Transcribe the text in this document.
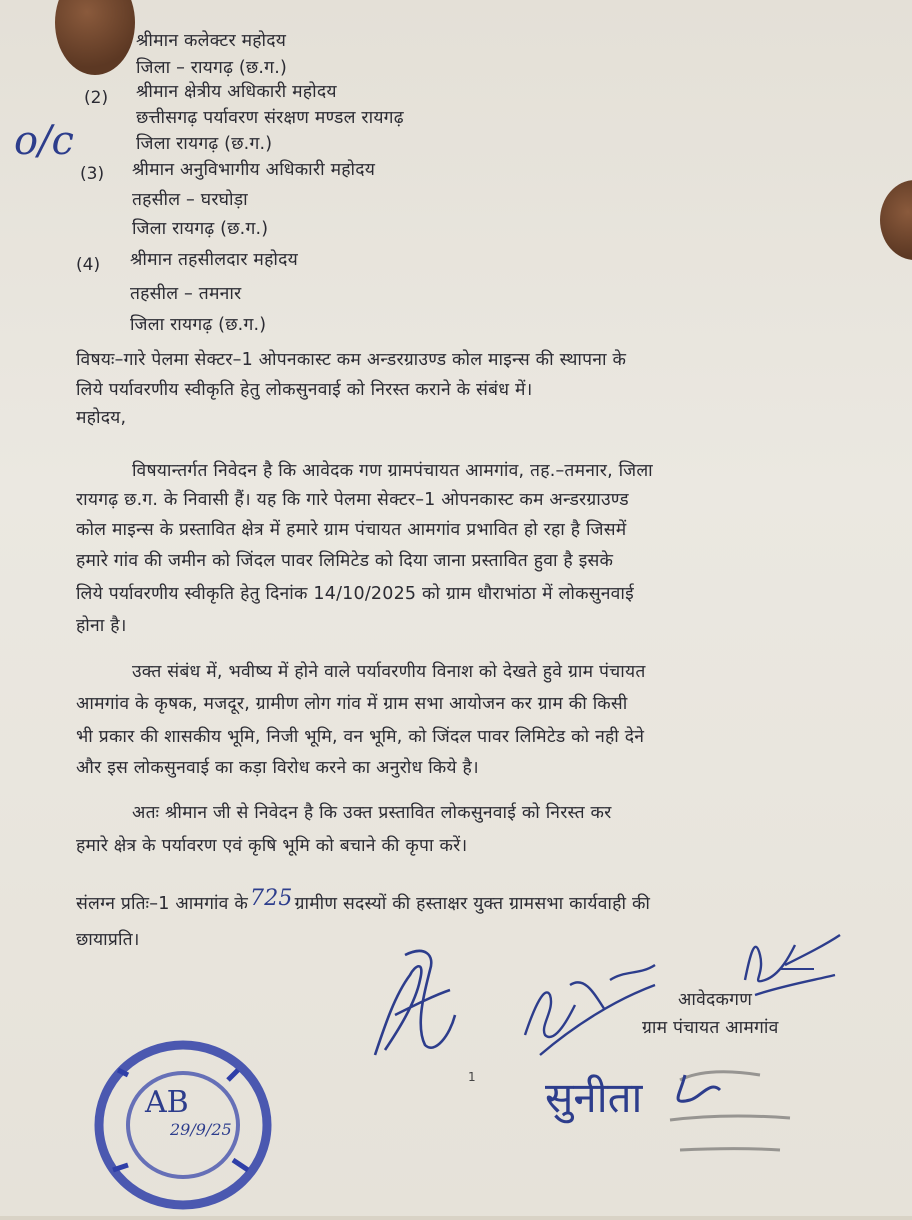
श्रीमान कलेक्टर महोदय
जिला – रायगढ़ (छ.ग.)
(2) श्रीमान क्षेत्रीय अधिकारी महोदय
छत्तीसगढ़ पर्यावरण संरक्षण मण्डल रायगढ़
जिला रायगढ़ (छ.ग.)
o/c
(3) श्रीमान अनुविभागीय अधिकारी महोदय
तहसील – घरघोड़ा
जिला रायगढ़ (छ.ग.)
(4) श्रीमान तहसीलदार महोदय
तहसील – तमनार
जिला रायगढ़ (छ.ग.)
विषयः–गारे पेलमा सेक्टर–1 ओपनकास्ट कम अन्डरग्राउण्ड कोल माइन्स की स्थापना के
लिये पर्यावरणीय स्वीकृति हेतु लोकसुनवाई को निरस्त कराने के संबंध में।
महोदय,
विषयान्तर्गत निवेदन है कि आवेदक गण ग्रामपंचायत आमगांव, तह.–तमनार, जिला
रायगढ़ छ.ग. के निवासी हैं। यह कि गारे पेलमा सेक्टर–1 ओपनकास्ट कम अन्डरग्राउण्ड
कोल माइन्स के प्रस्तावित क्षेत्र में हमारे ग्राम पंचायत आमगांव प्रभावित हो रहा है जिसमें
हमारे गांव की जमीन को जिंदल पावर लिमिटेड को दिया जाना प्रस्तावित हुवा है इसके
लिये पर्यावरणीय स्वीकृति हेतु दिनांक 14/10/2025 को ग्राम धौराभांठा में लोकसुनवाई
होना है।
उक्त संबंध में, भवीष्य में होने वाले पर्यावरणीय विनाश को देखते हुवे ग्राम पंचायत
आमगांव के कृषक, मजदूर, ग्रामीण लोग गांव में ग्राम सभा आयोजन कर ग्राम की किसी
भी प्रकार की शासकीय भूमि, निजी भूमि, वन भूमि, को जिंदल पावर लिमिटेड को नही देने
और इस लोकसुनवाई का कड़ा विरोध करने का अनुरोध किये है।
अतः श्रीमान जी से निवेदन है कि उक्त प्रस्तावित लोकसुनवाई को निरस्त कर
हमारे क्षेत्र के पर्यावरण एवं कृषि भूमि को बचाने की कृपा करें।
संलग्न प्रतिः–1 आमगांव के725 ग्रामीण सदस्यों की हस्ताक्षर युक्त ग्रामसभा कार्यवाही की
छायाप्रति।
आवेदकगण
ग्राम पंचायत आमगांव
1 सुनीता
AB
29/9/25
